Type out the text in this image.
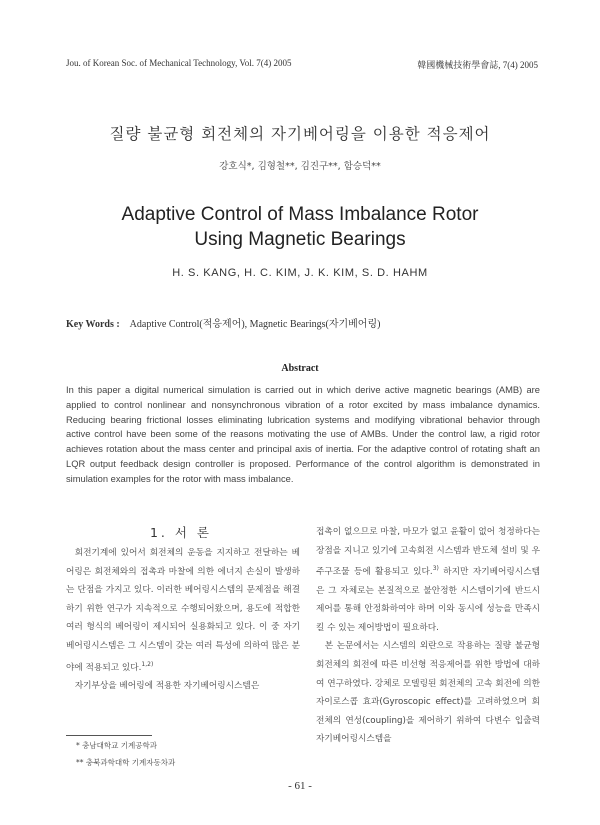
Jou. of Korean Soc. of Mechanical Technology, Vol. 7(4) 2005	韓國機械技術學會誌, 7(4) 2005
질량 불균형 회전체의 자기베어링을 이용한 적응제어
강호식*, 김형철**, 김진구**, 함승덕**
Adaptive Control of Mass Imbalance Rotor
Using Magnetic Bearings
H. S. KANG, H. C. KIM, J. K. KIM, S. D. HAHM
Key Words : Adaptive Control(적응제어), Magnetic Bearings(자기베어링)
Abstract
In this paper a digital numerical simulation is carried out in which derive active magnetic bearings (AMB) are applied to control nonlinear and nonsynchronous vibration of a rotor excited by mass imbalance dynamics. Reducing bearing frictional losses eliminating lubrication systems and modifying vibrational behavior through active control have been some of the reasons motivating the use of AMBs. Under the control law, a rigid rotor achieves rotation about the mass center and principal axis of inertia. For the adaptive control of rotating shaft an LQR output feedback design controller is proposed. Performance of the control algorithm is demonstrated in simulation examples for the rotor with mass imbalance.
1. 서 론

회전기계에 있어서 회전체의 운동을 지지하고 전달하는 베어링은 회전체와의 접촉과 마찰에 의한 에너지 손실이 발생하는 단점을 가지고 있다. 이러한 베어링시스템의 문제점을 해결하기 위한 연구가 지속적으로 수행되어왔으며, 용도에 적합한 여러 형식의 베어링이 제시되어 실용화되고 있다. 이 중 자기베어링시스템은 그 시스템이 갖는 여러 특성에 의하여 많은 분야에 적용되고 있다.$^{1,2)}$

자기부상을 베어링에 적용한 자기베어링시스템은

접촉이 없으므로 마찰, 마모가 없고 윤활이 없어 청정하다는 장점을 지니고 있기에 고속회전 시스템과 반도체 설비 및 우주구조물 등에 활용되고 있다.$^{3)}$ 하지만 자기베어링시스템은 그 자체로는 본질적으로 불안정한 시스템이기에 반드시 제어를 통해 안정화하여야 하며 이와 동시에 성능을 만족시킬 수 있는 제어방법이 필요하다.

본 논문에서는 시스템의 외란으로 작용하는 질량 불균형 회전체의 회전에 따른 비선형 적응제어를 위한 방법에 대하여 연구하였다. 강체로 모델링된 회전체의 고속 회전에 의한 자이로스콥 효과(Gyroscopic effect)를 고려하였으며 회전체의 연성(coupling)을 제어하기 위하여 다변수 입출력 자기베어링시스템을

* 충남대학교 기계공학과
** 충북과학대학 기계자동차과
- 61 -
